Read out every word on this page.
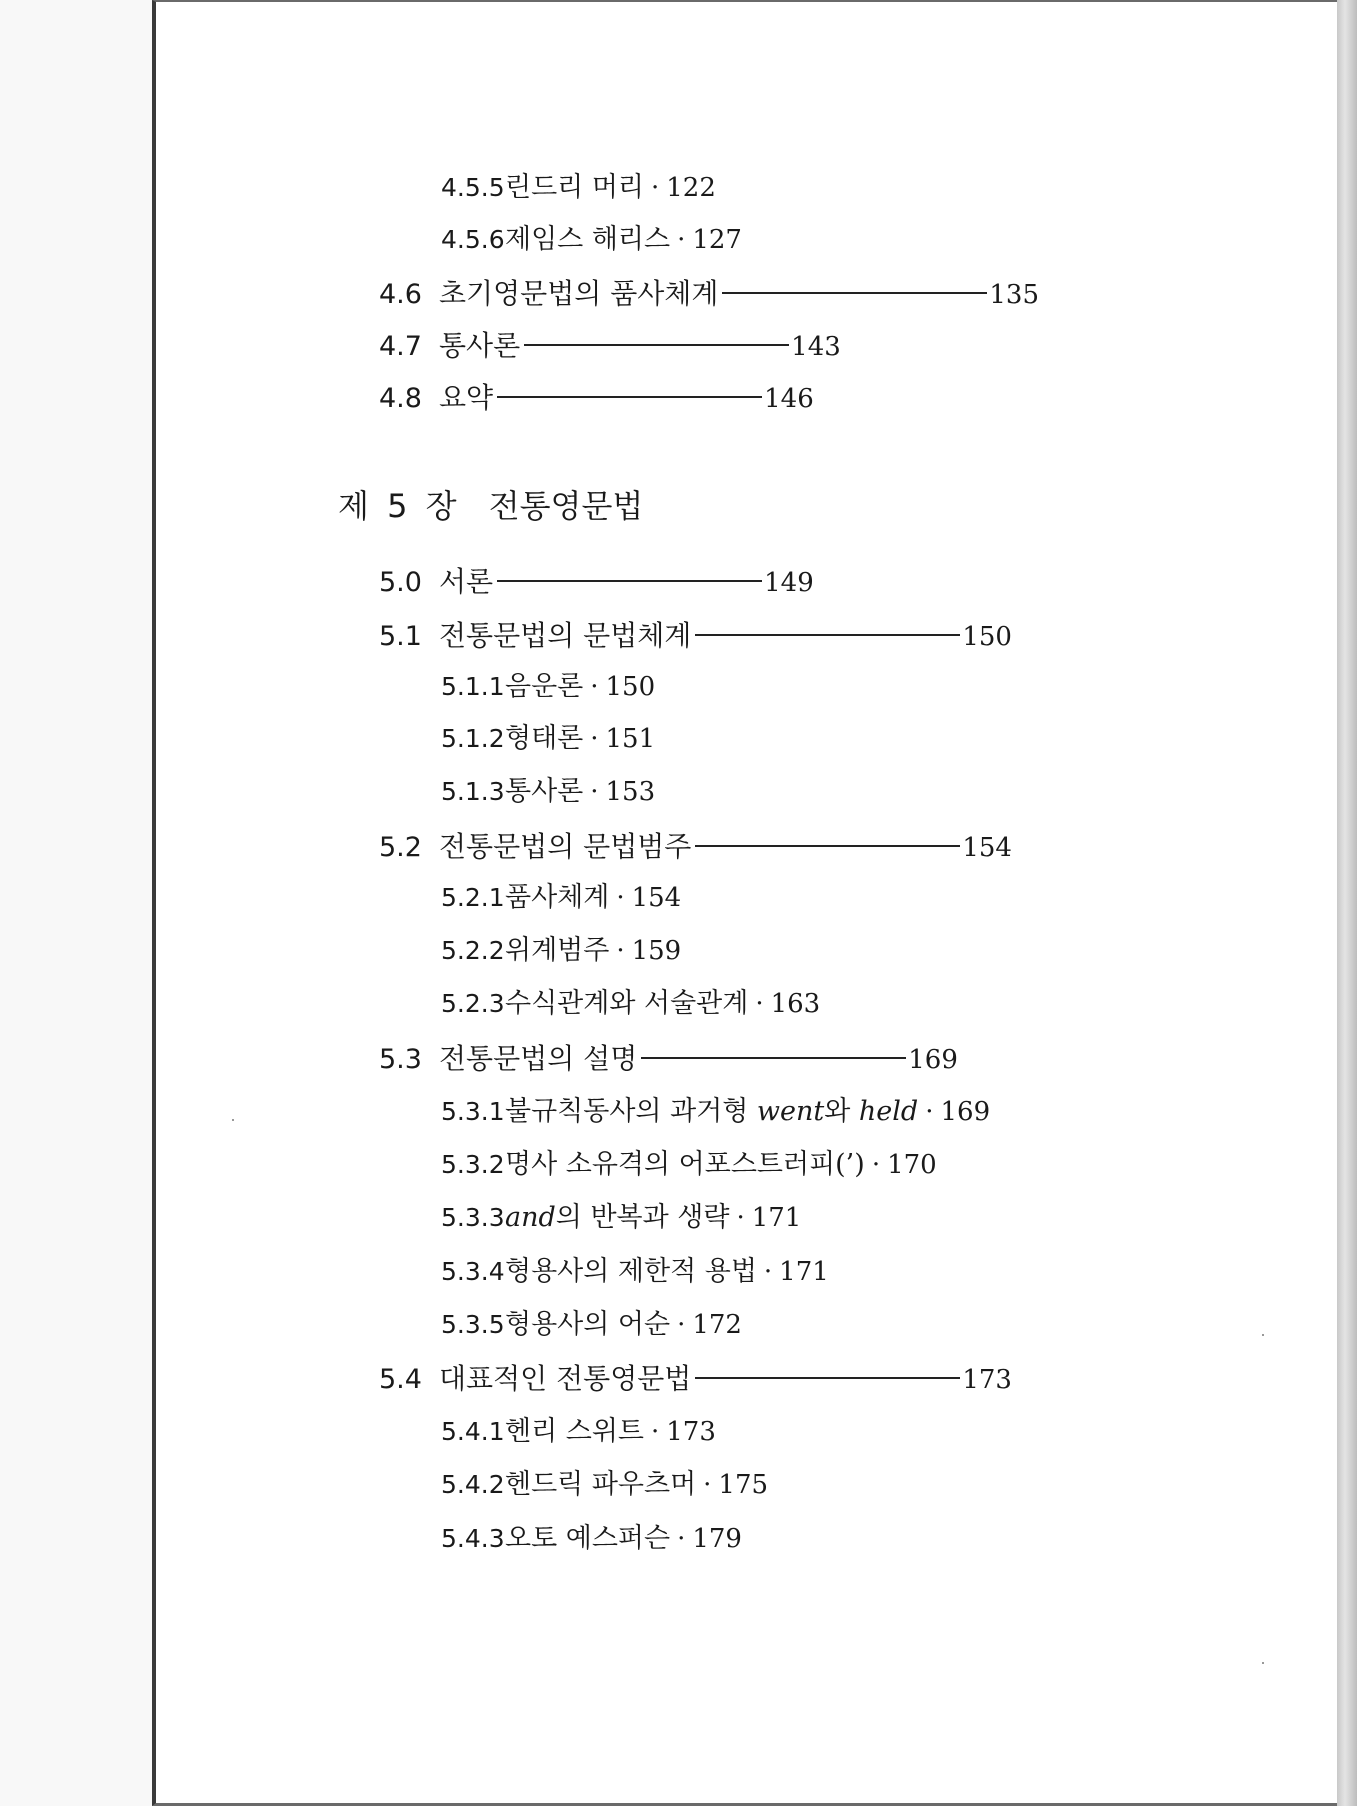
4.5.5 린드리 머리 · 122
4.5.6 제임스 해리스 · 127
4.6 초기영문법의 품사체계	135
4.7 통사론	143
4.8 요약	146
제 5 장 전통영문법
5.0 서론	149
5.1 전통문법의 문법체계	150
5.1.1 음운론 · 150
5.1.2 형태론 · 151
5.1.3 통사론 · 153
5.2 전통문법의 문법범주	154
5.2.1 품사체계 · 154
5.2.2 위계범주 · 159
5.2.3 수식관계와 서술관계 · 163
5.3 전통문법의 설명	169
5.3.1 불규칙동사의 과거형 went와 held · 169
5.3.2 명사 소유격의 어포스트러피(’) · 170
5.3.3 and의 반복과 생략 · 171
5.3.4 형용사의 제한적 용법 · 171
5.3.5 형용사의 어순 · 172
5.4 대표적인 전통영문법	173
5.4.1 헨리 스위트 · 173
5.4.2 헨드릭 파우츠머 · 175
5.4.3 오토 예스퍼슨 · 179
